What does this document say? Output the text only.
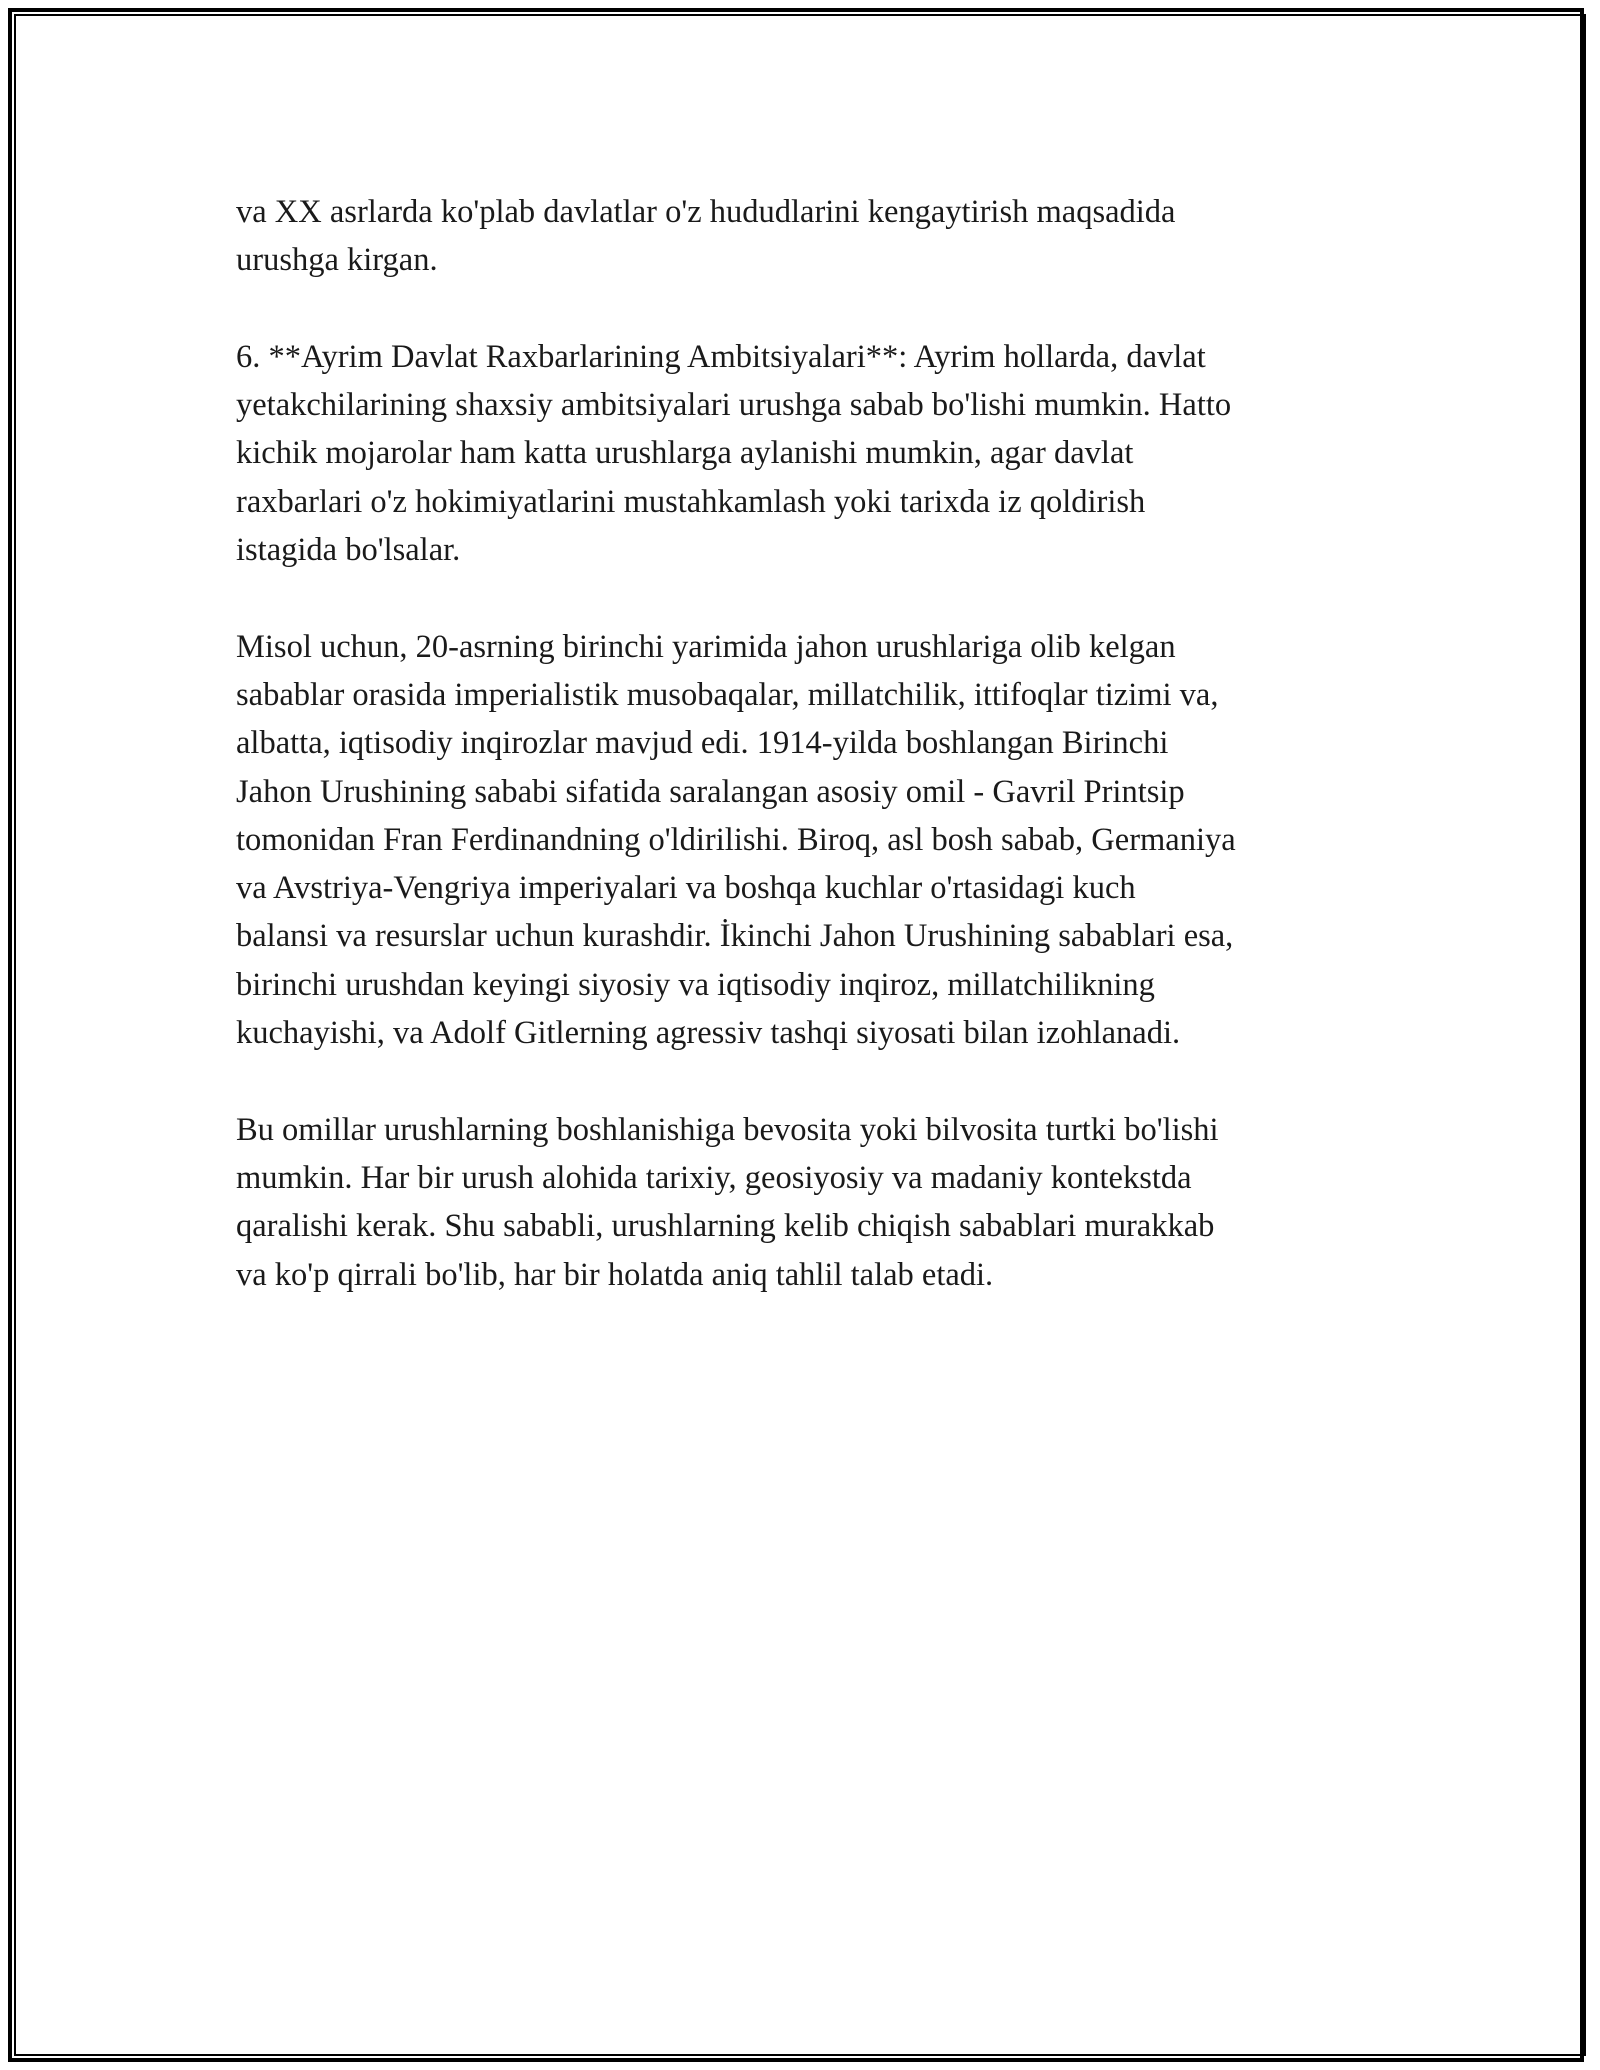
va XX asrlarda ko'plab davlatlar o'z hududlarini kengaytirish maqsadida
urushga kirgan.

6. **Ayrim Davlat Raxbarlarining Ambitsiyalari**: Ayrim hollarda, davlat
yetakchilarining shaxsiy ambitsiyalari urushga sabab bo'lishi mumkin. Hatto
kichik mojarolar ham katta urushlarga aylanishi mumkin, agar davlat
raxbarlari o'z hokimiyatlarini mustahkamlash yoki tarixda iz qoldirish
istagida bo'lsalar.

Misol uchun, 20-asrning birinchi yarimida jahon urushlariga olib kelgan
sabablar orasida imperialistik musobaqalar, millatchilik, ittifoqlar tizimi va,
albatta, iqtisodiy inqirozlar mavjud edi. 1914-yilda boshlangan Birinchi
Jahon Urushining sababi sifatida saralangan asosiy omil - Gavril Printsip
tomonidan Fran Ferdinandning o'ldirilishi. Biroq, asl bosh sabab, Germaniya
va Avstriya-Vengriya imperiyalari va boshqa kuchlar o'rtasidagi kuch
balansi va resurslar uchun kurashdir. İkinchi Jahon Urushining sabablari esa,
birinchi urushdan keyingi siyosiy va iqtisodiy inqiroz, millatchilikning
kuchayishi, va Adolf Gitlerning agressiv tashqi siyosati bilan izohlanadi.

Bu omillar urushlarning boshlanishiga bevosita yoki bilvosita turtki bo'lishi
mumkin. Har bir urush alohida tarixiy, geosiyosiy va madaniy kontekstda
qaralishi kerak. Shu sababli, urushlarning kelib chiqish sabablari murakkab
va ko'p qirrali bo'lib, har bir holatda aniq tahlil talab etadi.
